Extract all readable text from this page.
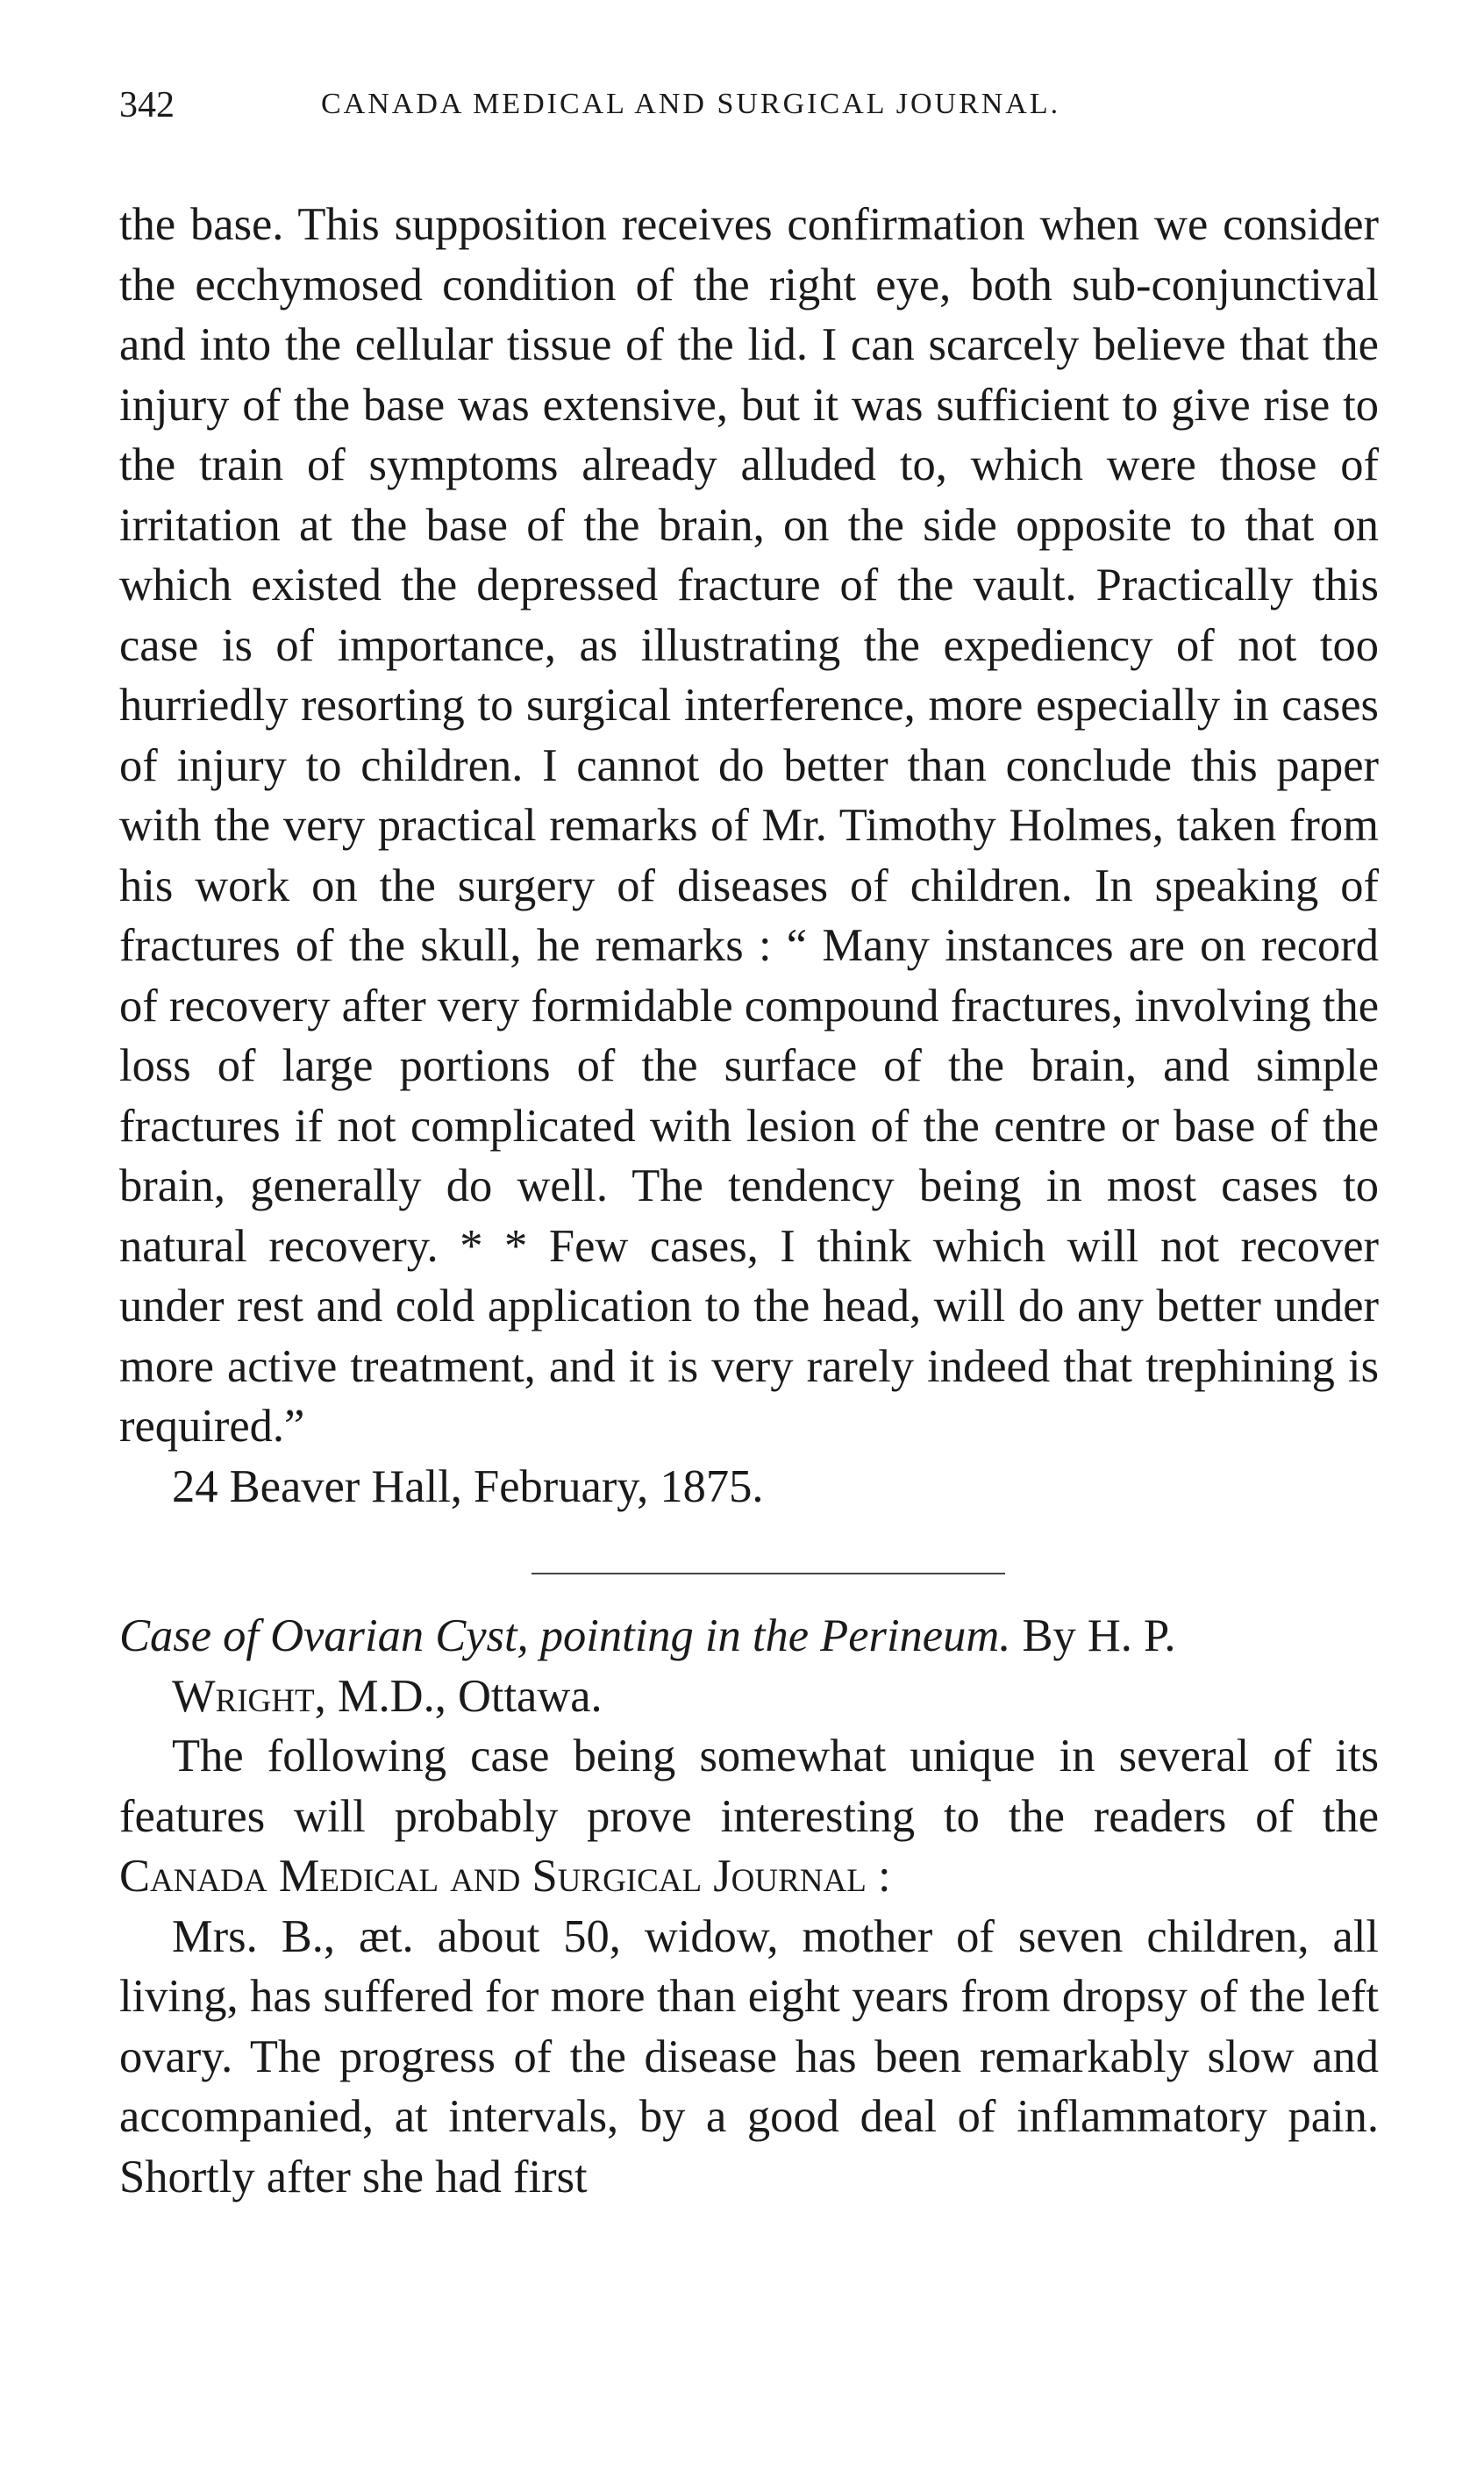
342	CANADA MEDICAL AND SURGICAL JOURNAL.

the base. This supposition receives confirmation when we consider the ecchymosed condition of the right eye, both sub-conjunctival and into the cellular tissue of the lid. I can scarcely believe that the injury of the base was extensive, but it was sufficient to give rise to the train of symptoms already alluded to, which were those of irritation at the base of the brain, on the side opposite to that on which existed the depressed fracture of the vault. Practically this case is of importance, as illustrating the expediency of not too hurriedly resorting to surgical interference, more especially in cases of injury to children. I cannot do better than conclude this paper with the very practical remarks of Mr. Timothy Holmes, taken from his work on the surgery of diseases of children. In speaking of fractures of the skull, he remarks : “ Many instances are on record of recovery after very formidable compound fractures, involving the loss of large portions of the surface of the brain, and simple fractures if not complicated with lesion of the centre or base of the brain, generally do well. The tendency being in most cases to natural recovery. * * Few cases, I think which will not recover under rest and cold application to the head, will do any better under more active treatment, and it is very rarely indeed that trephining is required.”

24 Beaver Hall, February, 1875.

Case of Ovarian Cyst, pointing in the Perineum. By H. P.

Wright, M.D., Ottawa.

The following case being somewhat unique in several of its features will probably prove interesting to the readers of the Canada Medical and Surgical Journal :

Mrs. B., æt. about 50, widow, mother of seven children, all living, has suffered for more than eight years from dropsy of the left ovary. The progress of the disease has been remarkably slow and accompanied, at intervals, by a good deal of inflammatory pain. Shortly after she had first
